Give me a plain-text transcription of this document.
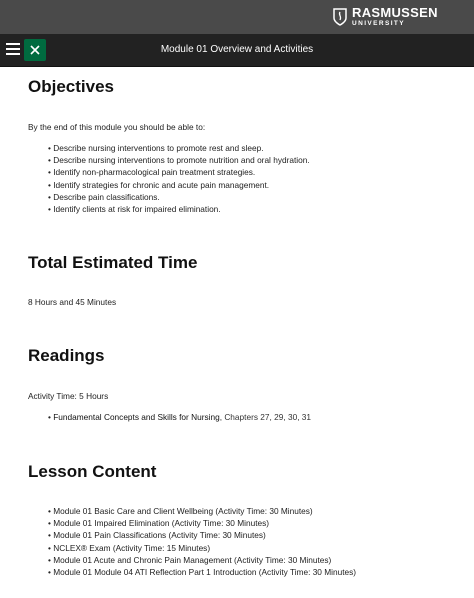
RASMUSSEN
UNIVERSITY
Module 01 Overview and Activities
Objectives

By the end of this module you should be able to:

• Describe nursing interventions to promote rest and sleep.
• Describe nursing interventions to promote nutrition and oral hydration.
• Identify non-pharmacological pain treatment strategies.
• Identify strategies for chronic and acute pain management.
• Describe pain classifications.
• Identify clients at risk for impaired elimination.
Total Estimated Time

8 Hours and 45 Minutes

Readings

Activity Time: 5 Hours

• Fundamental Concepts and Skills for Nursing, Chapters 27, 29, 30, 31
Lesson Content
• Module 01 Basic Care and Client Wellbeing (Activity Time: 30 Minutes)
• Module 01 Impaired Elimination (Activity Time: 30 Minutes)
• Module 01 Pain Classifications (Activity Time: 30 Minutes)
• NCLEX® Exam (Activity Time: 15 Minutes)
• Module 01 Acute and Chronic Pain Management (Activity Time: 30 Minutes)
• Module 01 Module 04 ATI Reflection Part 1 Introduction (Activity Time: 30 Minutes)
